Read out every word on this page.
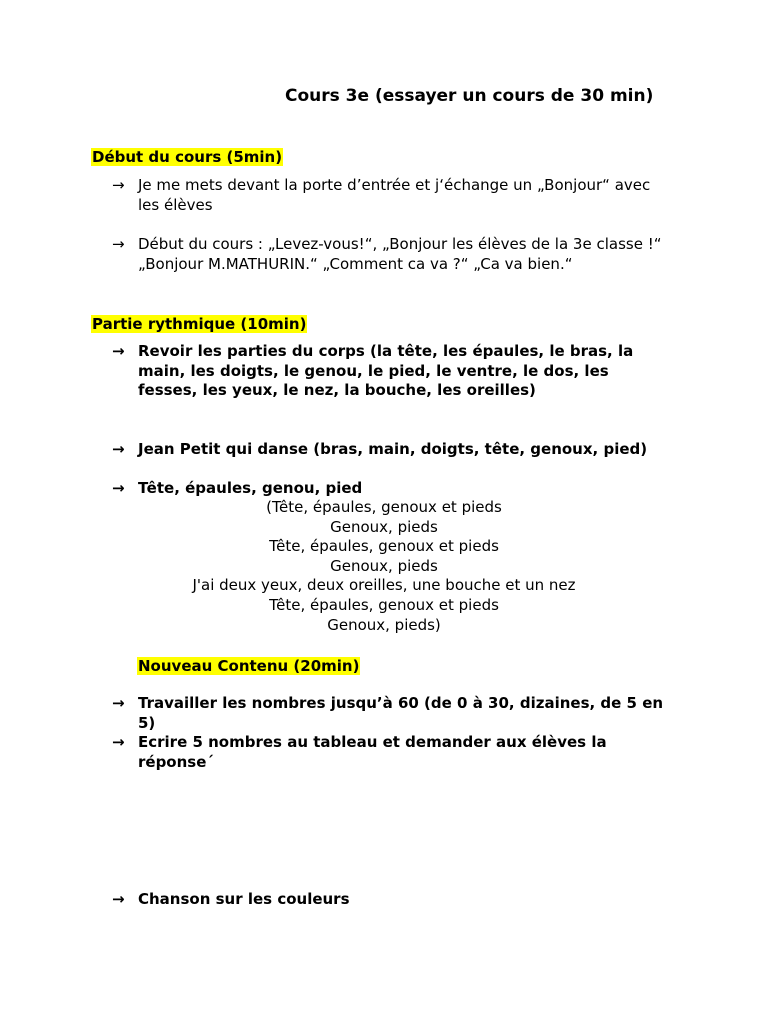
Cours 3e (essayer un cours de 30 min)
Début du cours (5min)
→ Je me mets devant la porte d’entrée et j‘échange un „Bonjour“ avec les élèves
→ Début du cours : „Levez-vous!“, „Bonjour les élèves de la 3e classe !“ „Bonjour M.MATHURIN.“ „Comment ca va ?“ „Ca va bien.“
Partie rythmique (10min)
→ Revoir les parties du corps (la tête, les épaules, le bras, la main, les doigts, le genou, le pied, le ventre, le dos, les fesses, les yeux, le nez, la bouche, les oreilles)
→ Jean Petit qui danse (bras, main, doigts, tête, genoux, pied)
→ Tête, épaules, genou, pied
(Tête, épaules, genoux et pieds
Genoux, pieds
Tête, épaules, genoux et pieds
Genoux, pieds
J'ai deux yeux, deux oreilles, une bouche et un nez
Tête, épaules, genoux et pieds
Genoux, pieds)
Nouveau Contenu (20min)
→ Travailler les nombres jusqu’à 60 (de 0 à 30, dizaines, de 5 en 5)
→ Ecrire 5 nombres au tableau et demander aux élèves la réponse´
→ Chanson sur les couleurs
